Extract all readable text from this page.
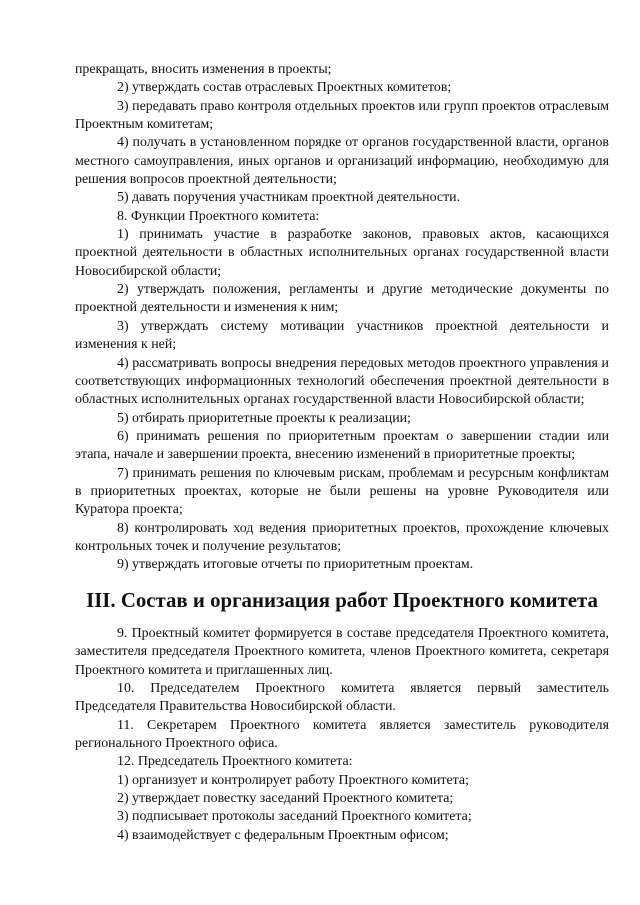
прекращать, вносить изменения в проекты;

2) утверждать состав отраслевых Проектных комитетов;

3) передавать право контроля отдельных проектов или групп проектов отраслевым Проектным комитетам;

4) получать в установленном порядке от органов государственной власти, органов местного самоуправления, иных органов и организаций информацию, необходимую для решения вопросов проектной деятельности;

5) давать поручения участникам проектной деятельности.

8. Функции Проектного комитета:

1) принимать участие в разработке законов, правовых актов, касающихся проектной деятельности в областных исполнительных органах государственной власти Новосибирской области;

2) утверждать положения, регламенты и другие методические документы по проектной деятельности и изменения к ним;

3) утверждать систему мотивации участников проектной деятельности и изменения к ней;

4) рассматривать вопросы внедрения передовых методов проектного управления и соответствующих информационных технологий обеспечения проектной деятельности в областных исполнительных органах государственной власти Новосибирской области;

5) отбирать приоритетные проекты к реализации;

6) принимать решения по приоритетным проектам о завершении стадии или этапа, начале и завершении проекта, внесению изменений в приоритетные проекты;

7) принимать решения по ключевым рискам, проблемам и ресурсным конфликтам в приоритетных проектах, которые не были решены на уровне Руководителя или Куратора проекта;

8) контролировать ход ведения приоритетных проектов, прохождение ключевых контрольных точек и получение результатов;

9) утверждать итоговые отчеты по приоритетным проектам.

III. Состав и организация работ Проектного комитета

9. Проектный комитет формируется в составе председателя Проектного комитета, заместителя председателя Проектного комитета, членов Проектного комитета, секретаря Проектного комитета и приглашенных лиц.

10. Председателем Проектного комитета является первый заместитель Председателя Правительства Новосибирской области.

11. Секретарем Проектного комитета является заместитель руководителя регионального Проектного офиса.

12. Председатель Проектного комитета:

1) организует и контролирует работу Проектного комитета;

2) утверждает повестку заседаний Проектного комитета;

3) подписывает протоколы заседаний Проектного комитета;

4) взаимодействует с федеральным Проектным офисом;
